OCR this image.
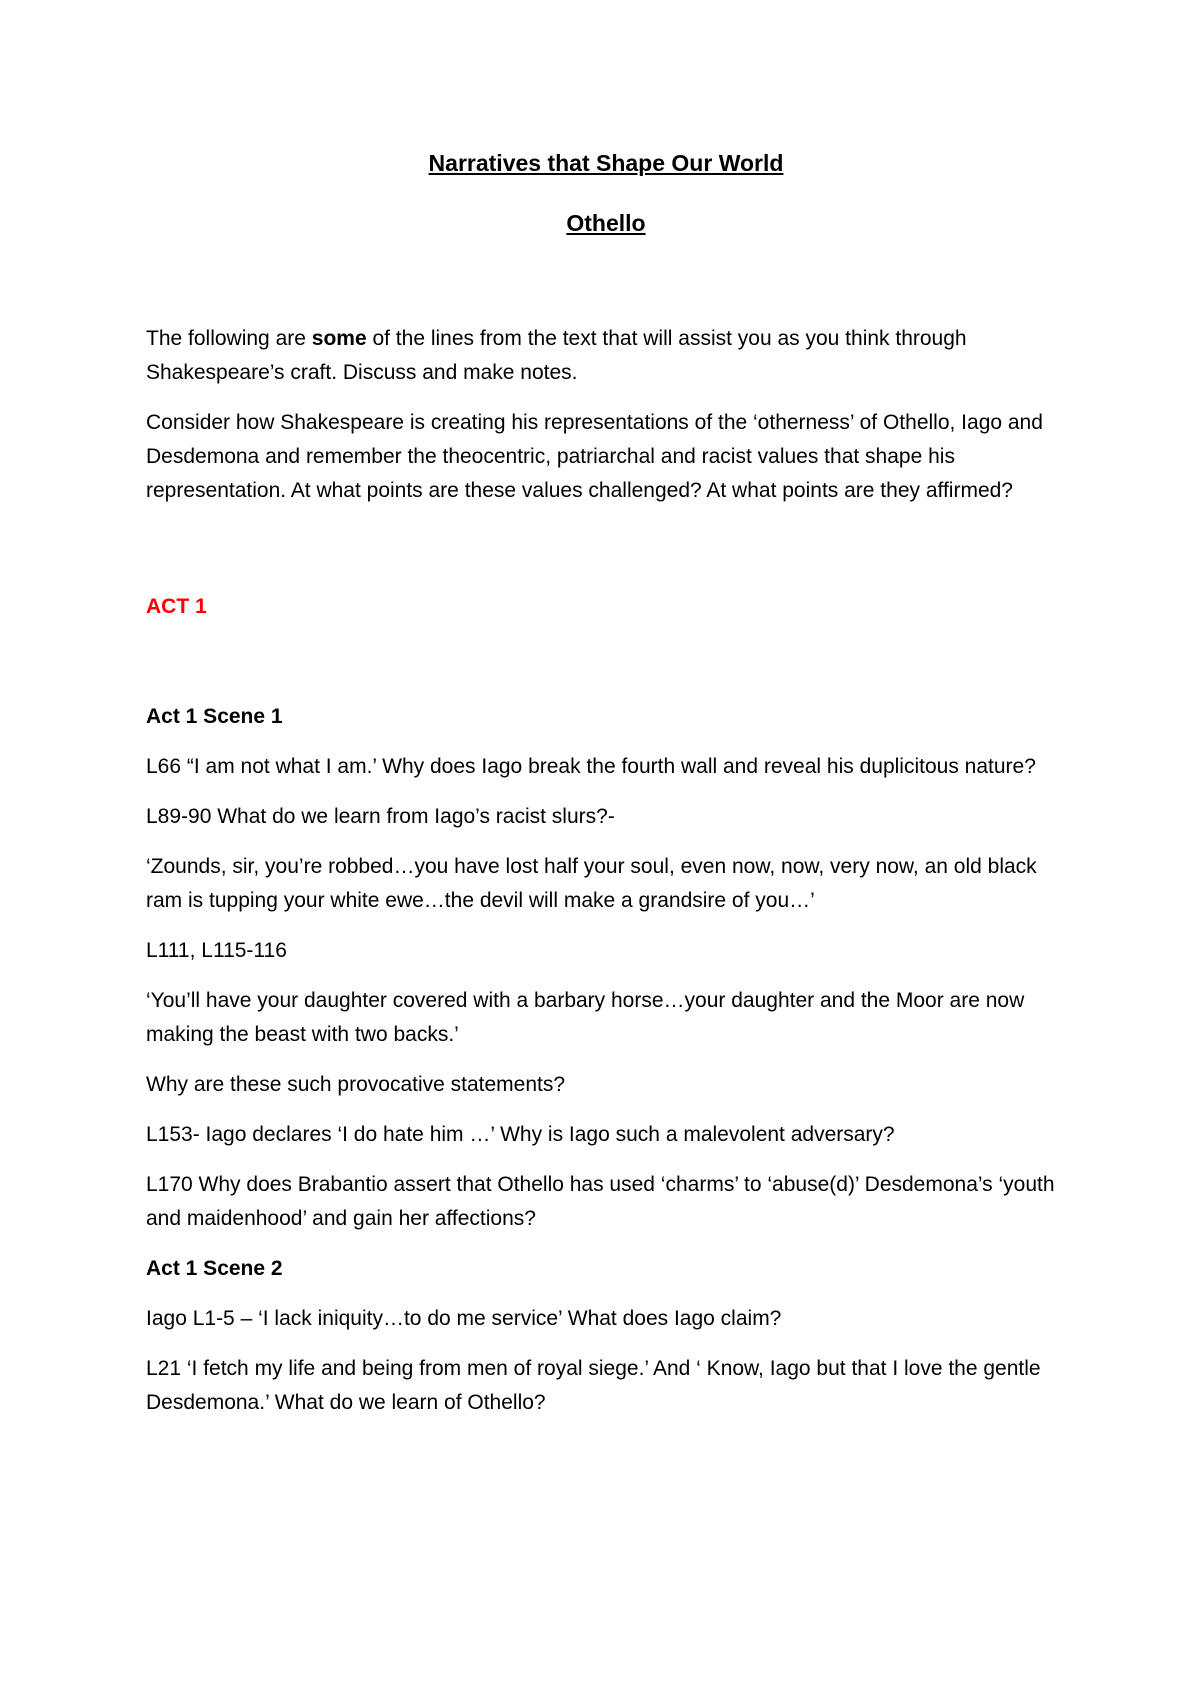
Narratives that Shape Our World
Othello

The following are some of the lines from the text that will assist you as you think through Shakespeare’s craft. Discuss and make notes.

Consider how Shakespeare is creating his representations of the ‘otherness’ of Othello, Iago and Desdemona and remember the theocentric, patriarchal and racist values that shape his representation. At what points are these values challenged? At what points are they affirmed?

ACT 1
Act 1 Scene 1

L66 “I am not what I am.’ Why does Iago break the fourth wall and reveal his duplicitous nature?

L89-90 What do we learn from Iago’s racist slurs?-

‘Zounds, sir, you’re robbed…you have lost half your soul, even now, now, very now, an old black ram is tupping your white ewe…the devil will make a grandsire of you…’

L111, L115-116

‘You’ll have your daughter covered with a barbary horse…your daughter and the Moor are now making the beast with two backs.’

Why are these such provocative statements?

L153- Iago declares ‘I do hate him …’ Why is Iago such a malevolent adversary?

L170 Why does Brabantio assert that Othello has used ‘charms’ to ‘abuse(d)’ Desdemona’s ‘youth and maidenhood’ and gain her affections?

Act 1 Scene 2

Iago L1-5 – ‘I lack iniquity…to do me service’ What does Iago claim?

L21 ‘I fetch my life and being from men of royal siege.’ And ‘ Know, Iago but that I love the gentle Desdemona.’ What do we learn of Othello?
